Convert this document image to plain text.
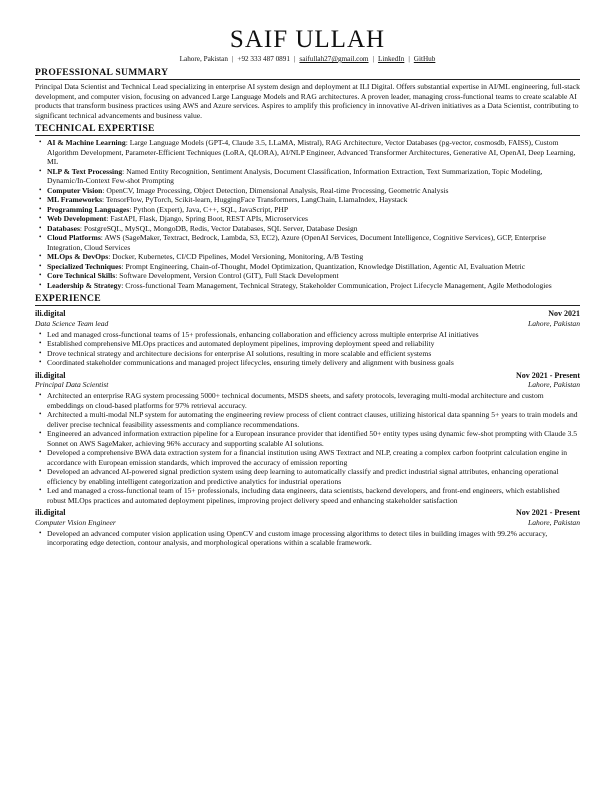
SAIF ULLAH
Lahore, Pakistan | +92 333 487 0891 | saifullah27@gmail.com | LinkedIn | GitHub
PROFESSIONAL SUMMARY

Principal Data Scientist and Technical Lead specializing in enterprise AI system design and deployment at ILI Digital. Offers substantial expertise in AI/ML engineering, full-stack development, and computer vision, focusing on advanced Large Language Models and RAG architectures. A proven leader, managing cross-functional teams to create scalable AI products that transform business practices using AWS and Azure services. Aspires to amplify this proficiency in innovative AI-driven initiatives as a Data Scientist, contributing to significant technical advancements and business value.

TECHNICAL EXPERTISE
• AI & Machine Learning: Large Language Models (GPT-4, Claude 3.5, LLaMA, Mistral), RAG Architecture, Vector Databases (pg-vector, cosmosdb, FAISS), Custom Algorithm Development, Parameter-Efficient Techniques (LoRA, QLORA), AI/NLP Engineer, Advanced Transformer Architectures, Generative AI, OpenAI, Deep Learning, ML
• NLP & Text Processing: Named Entity Recognition, Sentiment Analysis, Document Classification, Information Extraction, Text Summarization, Topic Modeling, Dynamic/In-Context Few-shot Prompting
• Computer Vision: OpenCV, Image Processing, Object Detection, Dimensional Analysis, Real-time Processing, Geometric Analysis
• ML Frameworks: TensorFlow, PyTorch, Scikit-learn, HuggingFace Transformers, LangChain, LlamaIndex, Haystack
• Programming Languages: Python (Expert), Java, C++, SQL, JavaScript, PHP
• Web Development: FastAPI, Flask, Django, Spring Boot, REST APIs, Microservices
• Databases: PostgreSQL, MySQL, MongoDB, Redis, Vector Databases, SQL Server, Database Design
• Cloud Platforms: AWS (SageMaker, Textract, Bedrock, Lambda, S3, EC2), Azure (OpenAI Services, Document Intelligence, Cognitive Services), GCP, Enterprise Integration, Cloud Services
• MLOps & DevOps: Docker, Kubernetes, CI/CD Pipelines, Model Versioning, Monitoring, A/B Testing
• Specialized Techniques: Prompt Engineering, Chain-of-Thought, Model Optimization, Quantization, Knowledge Distillation, Agentic AI, Evaluation Metric
• Core Technical Skills: Software Development, Version Control (GIT), Full Stack Development
• Leadership & Strategy: Cross-functional Team Management, Technical Strategy, Stakeholder Communication, Project Lifecycle Management, Agile Methodologies
EXPERIENCE
ili.digital	Nov 2021
Data Science Team lead	Lahore, Pakistan
• Led and managed cross-functional teams of 15+ professionals, enhancing collaboration and efficiency across multiple enterprise AI initiatives
• Established comprehensive MLOps practices and automated deployment pipelines, improving deployment speed and reliability
• Drove technical strategy and architecture decisions for enterprise AI solutions, resulting in more scalable and efficient systems
• Coordinated stakeholder communications and managed project lifecycles, ensuring timely delivery and alignment with business goals
ili.digital	Nov 2021 - Present
Principal Data Scientist	Lahore, Pakistan
• Architected an enterprise RAG system processing 5000+ technical documents, MSDS sheets, and safety protocols, leveraging multi-modal architecture and custom embeddings on cloud-based platforms for 97% retrieval accuracy.
• Architected a multi-modal NLP system for automating the engineering review process of client contract clauses, utilizing historical data spanning 5+ years to train models and deliver precise technical feasibility assessments and compliance recommendations.
• Engineered an advanced information extraction pipeline for a European insurance provider that identified 50+ entity types using dynamic few-shot prompting with Claude 3.5 Sonnet on AWS SageMaker, achieving 96% accuracy and supporting scalable AI solutions.
• Developed a comprehensive BWA data extraction system for a financial institution using AWS Textract and NLP, creating a complex carbon footprint calculation engine in accordance with European emission standards, which improved the accuracy of emission reporting
• Developed an advanced AI-powered signal prediction system using deep learning to automatically classify and predict industrial signal attributes, enhancing operational efficiency by enabling intelligent categorization and predictive analytics for industrial operations
• Led and managed a cross-functional team of 15+ professionals, including data engineers, data scientists, backend developers, and front-end engineers, which established robust MLOps practices and automated deployment pipelines, improving project delivery speed and enhancing stakeholder satisfaction
ili.digital	Nov 2021 - Present
Computer Vision Engineer	Lahore, Pakistan
• Developed an advanced computer vision application using OpenCV and custom image processing algorithms to detect tiles in building images with 99.2% accuracy, incorporating edge detection, contour analysis, and morphological operations within a scalable framework.
